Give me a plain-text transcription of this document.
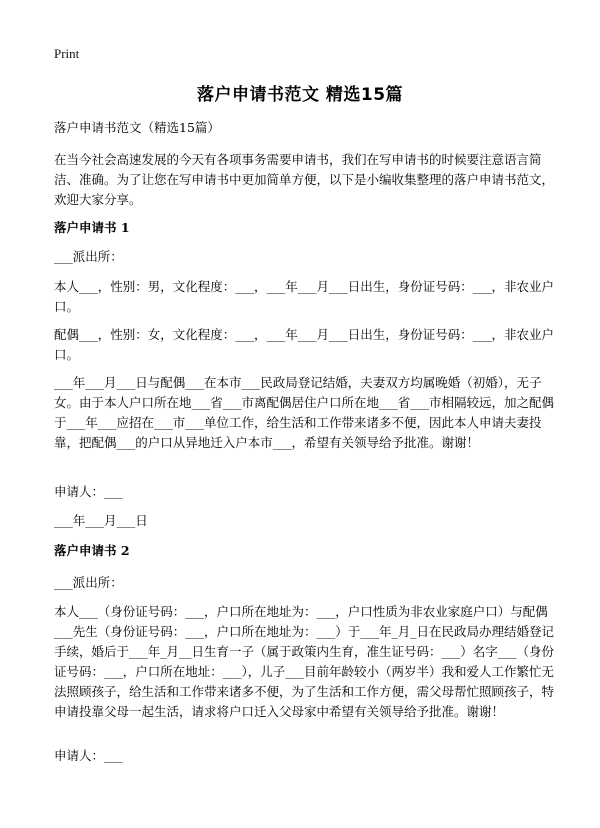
Print
落户申请书范文 精选15篇
落户申请书范文（精选15篇）
在当今社会高速发展的今天有各项事务需要申请书，我们在写申请书的时候要注意语言简洁、准确。为了让您在写申请书中更加简单方便，以下是小编收集整理的落户申请书范文，欢迎大家分享。
落户申请书 1
___派出所：
本人___，性别：男，文化程度：___，___年___月___日出生，身份证号码：___，非农业户口。
配偶___，性别：女，文化程度：___，___年___月___日出生，身份证号码：___，非农业户口。
___年___月___日与配偶___在本市___民政局登记结婚，夫妻双方均属晚婚（初婚），无子女。由于本人户口所在地___省___市离配偶居住户口所在地___省___市相隔较远，加之配偶于___年___应招在___市___单位工作，给生活和工作带来诸多不便，因此本人申请夫妻投靠，把配偶___的户口从异地迁入户本市___，希望有关领导给予批准。谢谢！
申请人：___
___年___月___日
落户申请书 2
___派出所：
本人___（身份证号码：___，户口所在地址为：___，户口性质为非农业家庭户口）与配偶___先生（身份证号码：___，户口所在地址为：___）于___年_月_日在民政局办理结婚登记手续，婚后于___年_月__日生育一子（属于政策内生育，准生证号码：___）名字___（身份证号码：___，户口所在地址：___），儿子___目前年龄较小（两岁半）我和爱人工作繁忙无法照顾孩子，给生活和工作带来诸多不便，为了生活和工作方便，需父母帮忙照顾孩子，特申请投靠父母一起生活，请求将户口迁入父母家中希望有关领导给予批准。谢谢！
申请人：___
